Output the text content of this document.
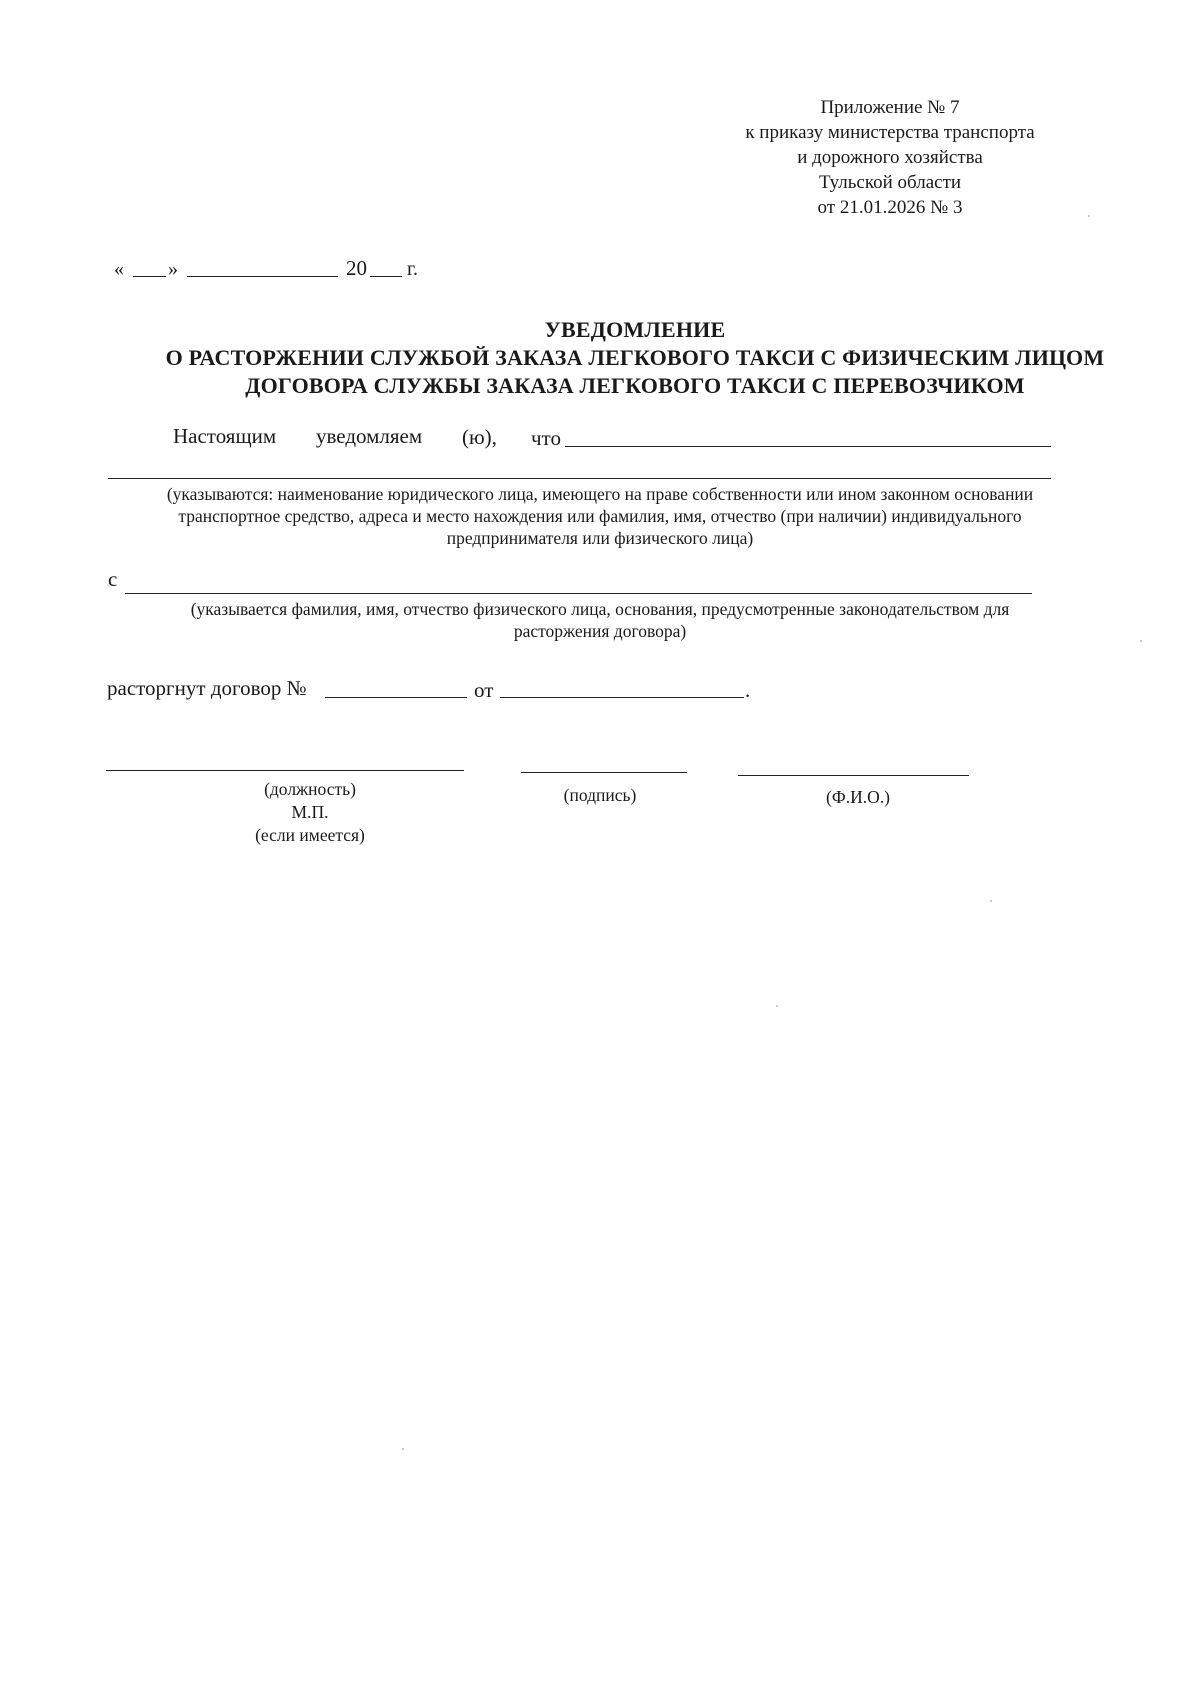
Приложение № 7
к приказу министерства транспорта
и дорожного хозяйства
Тульской области
от 21.01.2026 № 3
« »	20 г.
УВЕДОМЛЕНИЕ
О РАСТОРЖЕНИИ СЛУЖБОЙ ЗАКАЗА ЛЕГКОВОГО ТАКСИ С ФИЗИЧЕСКИМ ЛИЦОМ
ДОГОВОРА СЛУЖБЫ ЗАКАЗА ЛЕГКОВОГО ТАКСИ С ПЕРЕВОЗЧИКОМ
Настоящим уведомляем (ю), что
(указываются: наименование юридического лица, имеющего на праве собственности или ином законном основании
транспортное средство, адреса и место нахождения или фамилия, имя, отчество (при наличии) индивидуального
предпринимателя или физического лица)
с
(указывается фамилия, имя, отчество физического лица, основания, предусмотренные законодательством для
расторжения договора)
расторгнут договор №	от	.
(должность)
М.П.
(если имеется)
(подпись)	(Ф.И.О.)
